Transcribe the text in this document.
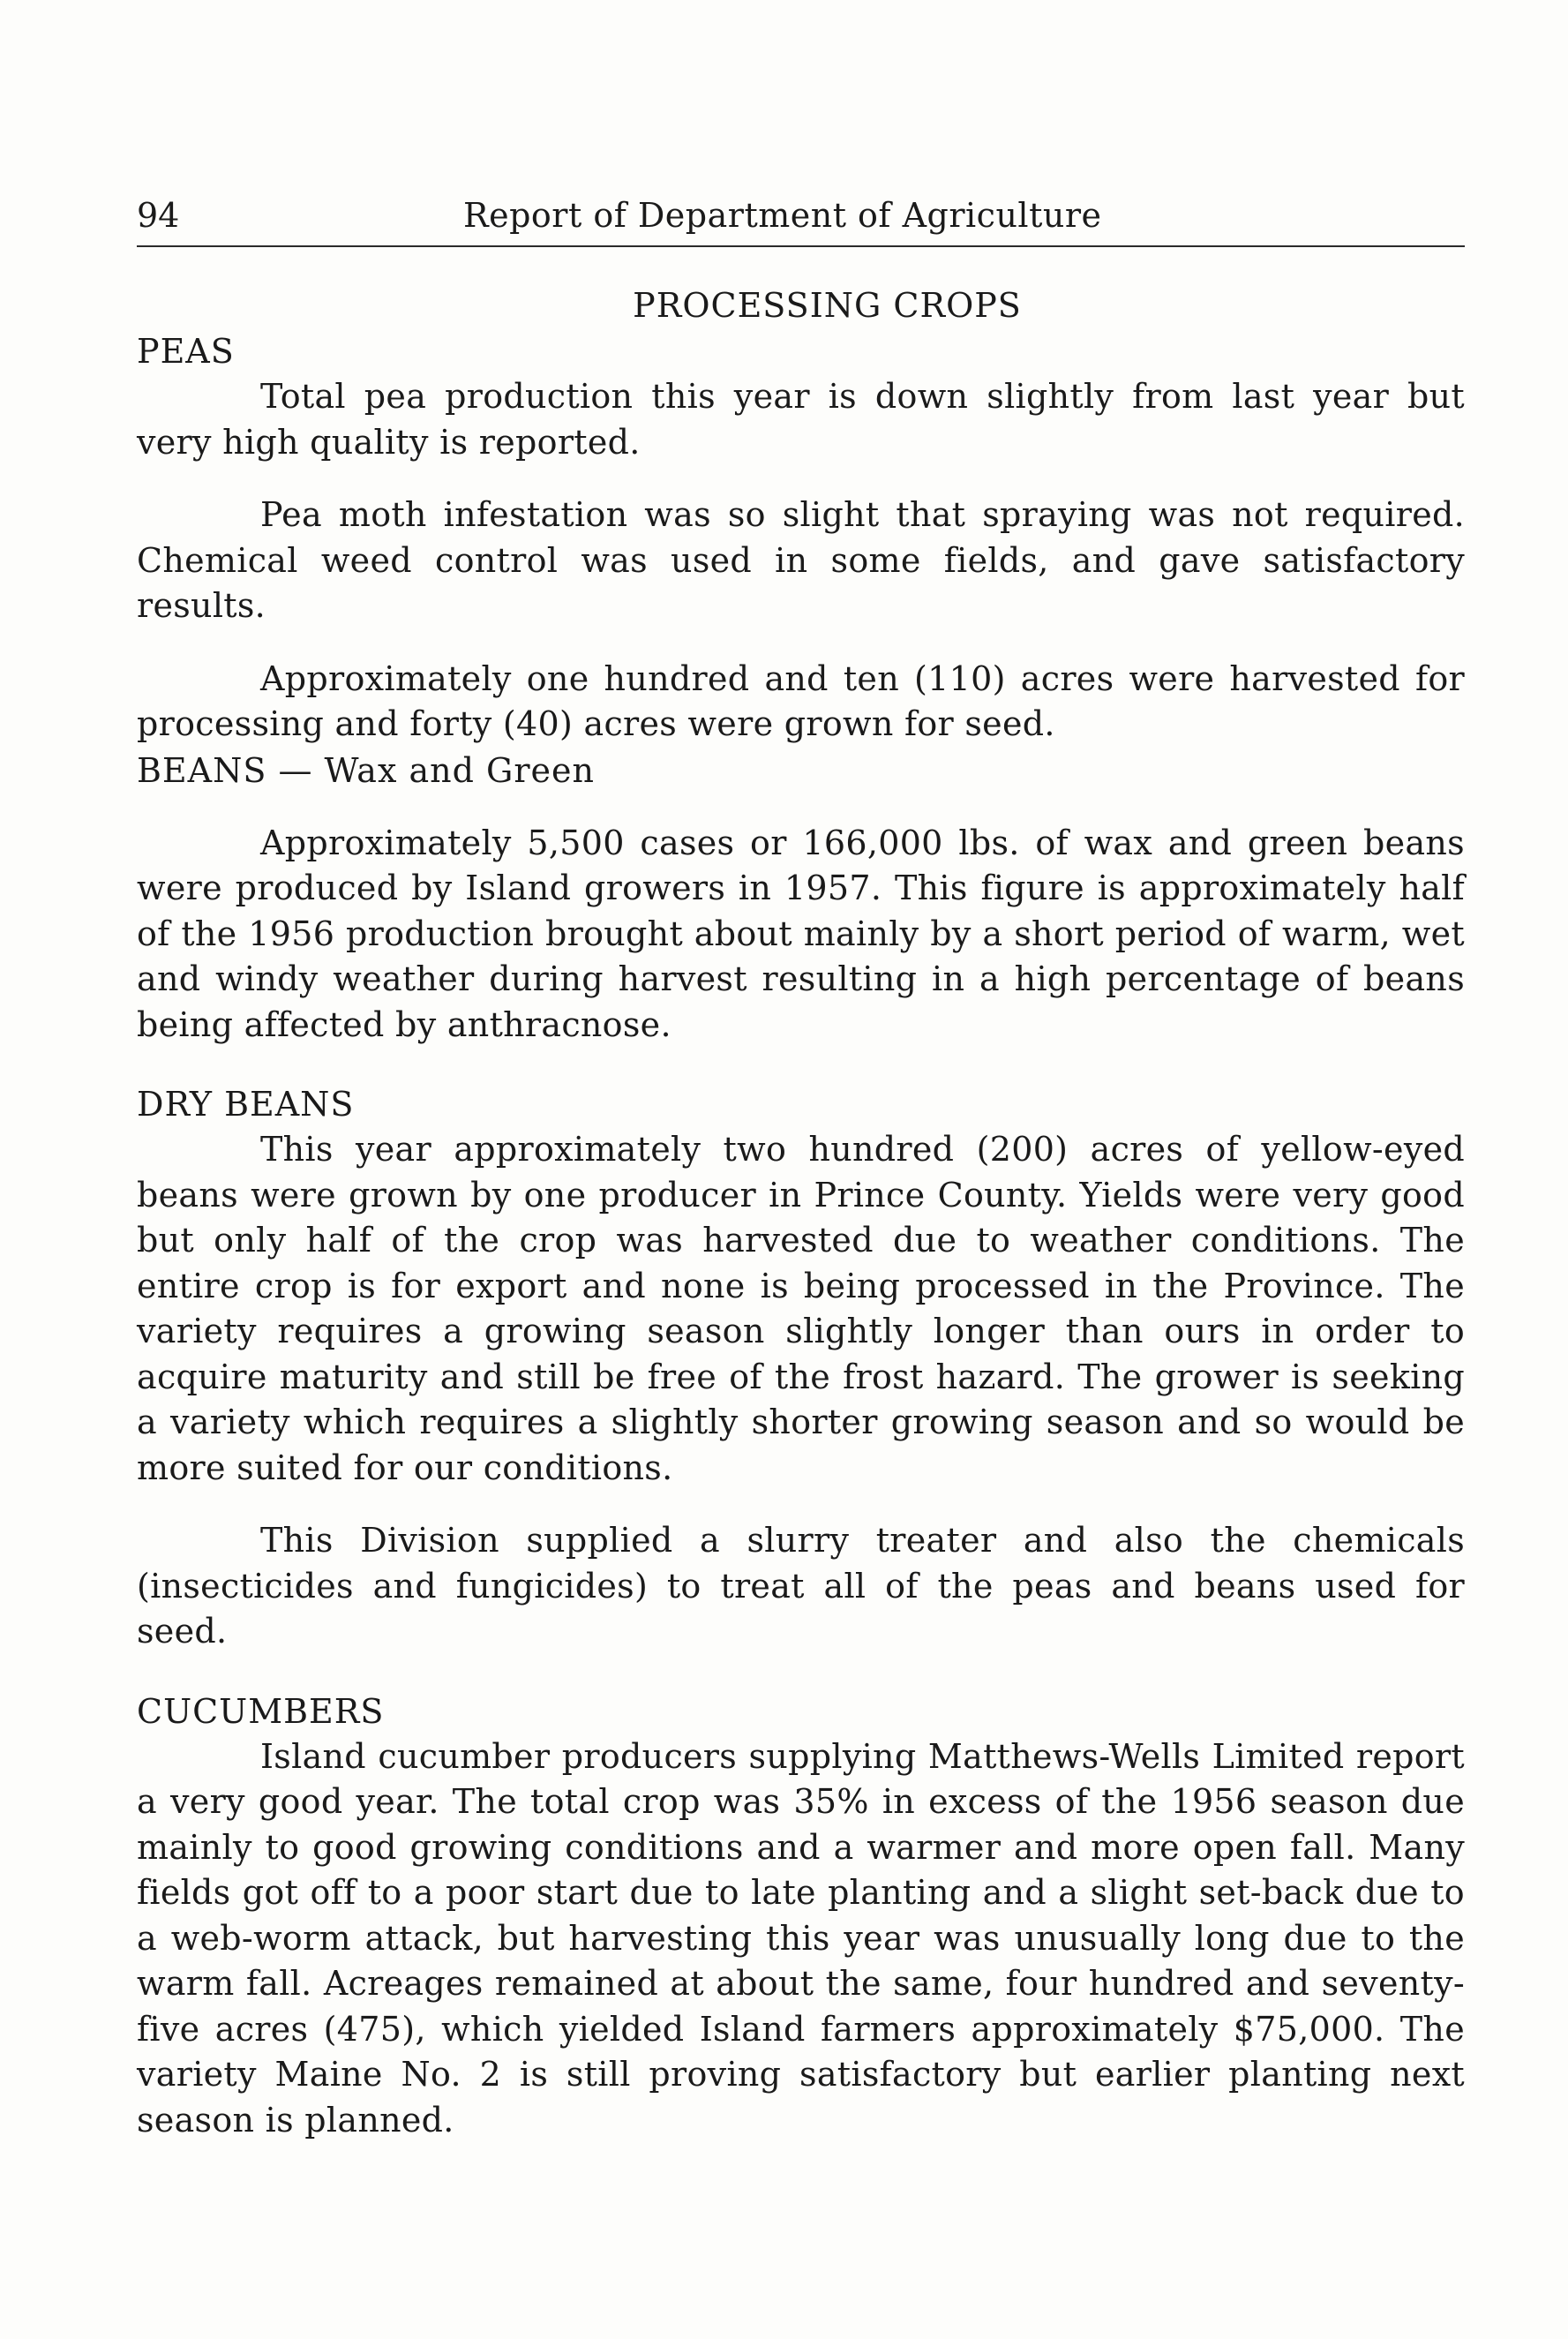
94	Report of Department of Agriculture
PROCESSING CROPS
PEAS

Total pea production this year is down slightly from last year but very high quality is reported.

Pea moth infestation was so slight that spraying was not required. Chemical weed control was used in some fields, and gave satisfactory results.

Approximately one hundred and ten (110) acres were harvested for processing and forty (40) acres were grown for seed.

BEANS — Wax and Green

Approximately 5,500 cases or 166,000 lbs. of wax and green beans were produced by Island growers in 1957. This figure is approximately half of the 1956 production brought about mainly by a short period of warm, wet and windy weather during harvest resulting in a high percentage of beans being affected by anthracnose.

DRY BEANS

This year approximately two hundred (200) acres of yellow-eyed beans were grown by one producer in Prince County. Yields were very good but only half of the crop was harvested due to weather conditions. The entire crop is for export and none is being processed in the Province. The variety requires a growing season slightly longer than ours in order to acquire maturity and still be free of the frost hazard. The grower is seeking a variety which requires a slightly shorter growing season and so would be more suited for our conditions.

This Division supplied a slurry treater and also the chemicals (insecticides and fungicides) to treat all of the peas and beans used for seed.

CUCUMBERS

Island cucumber producers supplying Matthews-Wells Limited report a very good year. The total crop was 35% in excess of the 1956 season due mainly to good growing conditions and a warmer and more open fall. Many fields got off to a poor start due to late planting and a slight set-back due to a web-worm attack, but harvesting this year was unusually long due to the warm fall. Acreages remained at about the same, four hundred and seventy-five acres (475), which yielded Island farmers approximately $75,000. The variety Maine No. 2 is still proving satisfactory but earlier planting next season is planned.
